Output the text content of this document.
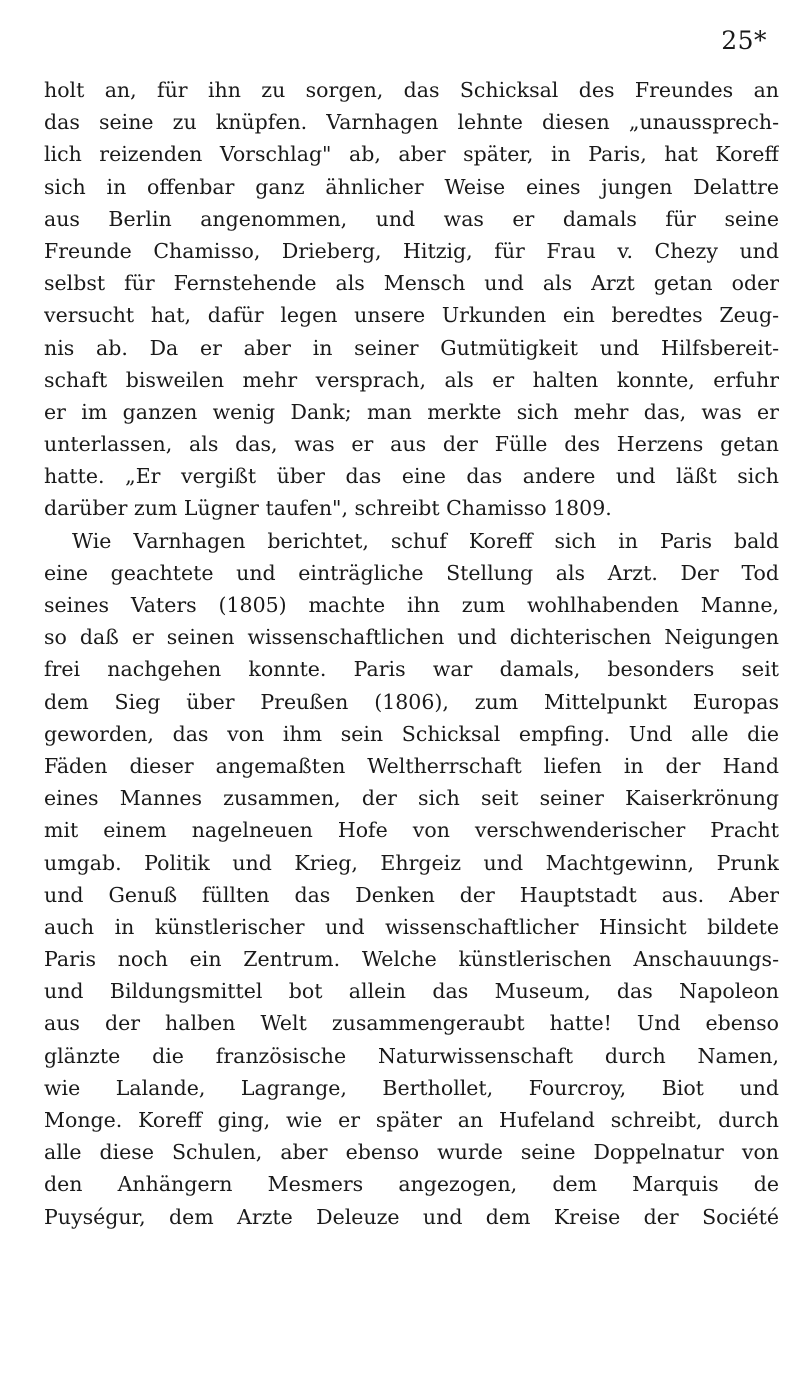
25*
holt an, für ihn zu sorgen, das Schicksal des Freundes an
das seine zu knüpfen. Varnhagen lehnte diesen „unaussprech-
lich reizenden Vorschlag" ab, aber später, in Paris, hat Koreff
sich in offenbar ganz ähnlicher Weise eines jungen Delattre
aus Berlin angenommen, und was er damals für seine
Freunde Chamisso, Drieberg, Hitzig, für Frau v. Chezy und
selbst für Fernstehende als Mensch und als Arzt getan oder
versucht hat, dafür legen unsere Urkunden ein beredtes Zeug-
nis ab. Da er aber in seiner Gutmütigkeit und Hilfsbereit-
schaft bisweilen mehr versprach, als er halten konnte, erfuhr
er im ganzen wenig Dank; man merkte sich mehr das, was er
unterlassen, als das, was er aus der Fülle des Herzens getan
hatte. „Er vergißt über das eine das andere und läßt sich
darüber zum Lügner taufen", schreibt Chamisso 1809.
Wie Varnhagen berichtet, schuf Koreff sich in Paris bald
eine geachtete und einträgliche Stellung als Arzt. Der Tod
seines Vaters (1805) machte ihn zum wohlhabenden Manne,
so daß er seinen wissenschaftlichen und dichterischen Neigungen
frei nachgehen konnte. Paris war damals, besonders seit
dem Sieg über Preußen (1806), zum Mittelpunkt Europas
geworden, das von ihm sein Schicksal empfing. Und alle die
Fäden dieser angemaßten Weltherrschaft liefen in der Hand
eines Mannes zusammen, der sich seit seiner Kaiserkrönung
mit einem nagelneuen Hofe von verschwenderischer Pracht
umgab. Politik und Krieg, Ehrgeiz und Machtgewinn, Prunk
und Genuß füllten das Denken der Hauptstadt aus. Aber
auch in künstlerischer und wissenschaftlicher Hinsicht bildete
Paris noch ein Zentrum. Welche künstlerischen Anschauungs-
und Bildungsmittel bot allein das Museum, das Napoleon
aus der halben Welt zusammengeraubt hatte! Und ebenso
glänzte die französische Naturwissenschaft durch Namen,
wie Lalande, Lagrange, Berthollet, Fourcroy, Biot und
Monge. Koreff ging, wie er später an Hufeland schreibt, durch
alle diese Schulen, aber ebenso wurde seine Doppelnatur von
den Anhängern Mesmers angezogen, dem Marquis de
Puységur, dem Arzte Deleuze und dem Kreise der Société
